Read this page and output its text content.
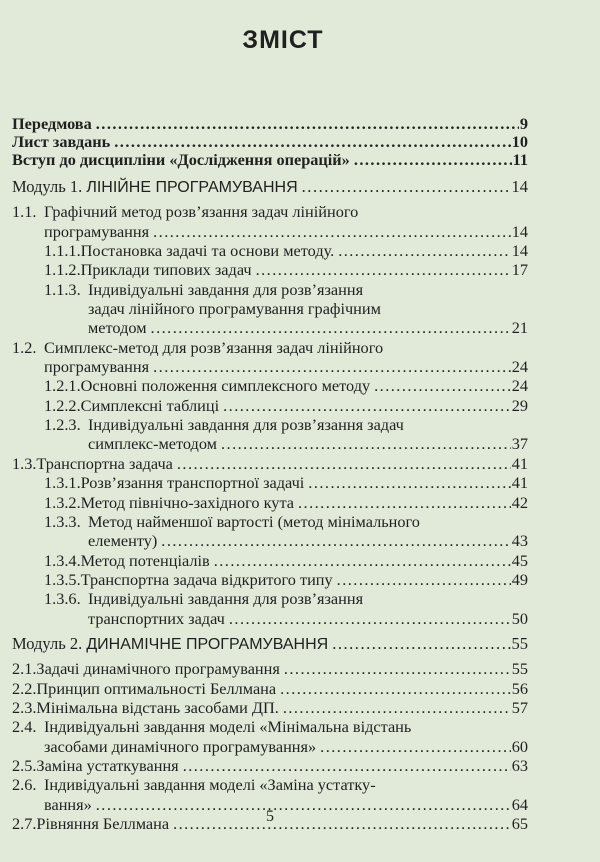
ЗМІСТ
Передмова . . .	9
Лист завдань . . .	10
Вступ до дисципліни «Дослідження операцій» . . .	11
Модуль 1.
ЛІНІЙНЕ ПРОГРАМУВАННЯ . . .	14
1.1. Графічний метод розв’язання задач лінійного
програмування . . .	14
1.1.1. Постановка задачі та основи методу. . . .	14
1.1.2. Приклади типових задач . . .	17
1.1.3. Індивідуальні завдання для розв’язання
задач лінійного програмування графічним
методом . . .	21
1.2. Симплекс-метод для розв’язання задач лінійного
програмування . . .	24
1.2.1. Основні положення симплексного методу . . .	24
1.2.2. Симплексні таблиці . . .	29
1.2.3. Індивідуальні завдання для розв’язання задач
симплекс-методом . . .	37
1.3. Транспортна задача . . .	41
1.3.1. Розв’язання транспортної задачі . . .	41
1.3.2. Метод північно-західного кута . . .	42
1.3.3. Метод найменшої вартості (метод мінімального
елементу) . . .	43
1.3.4. Метод потенціалів . . .	45
1.3.5. Транспортна задача відкритого типу . . .	49
1.3.6. Індивідуальні завдання для розв’язання
транспортних задач . . .	50
Модуль 2.
ДИНАМІЧНЕ ПРОГРАМУВАННЯ . . .	55
2.1. Задачі динамічного програмування . . .	55
2.2. Принцип оптимальності Беллмана . . .	56
2.3. Мінімальна відстань засобами ДП. . . .	57
2.4. Індивідуальні завдання моделі «Мінімальна відстань
засобами динамічного програмування» . . .	60
2.5. Заміна устаткування . . .	63
2.6. Індивідуальні завдання моделі «Заміна устатку-
вання» . . .	64
2.7. Рівняння Беллмана . . .	65
5
